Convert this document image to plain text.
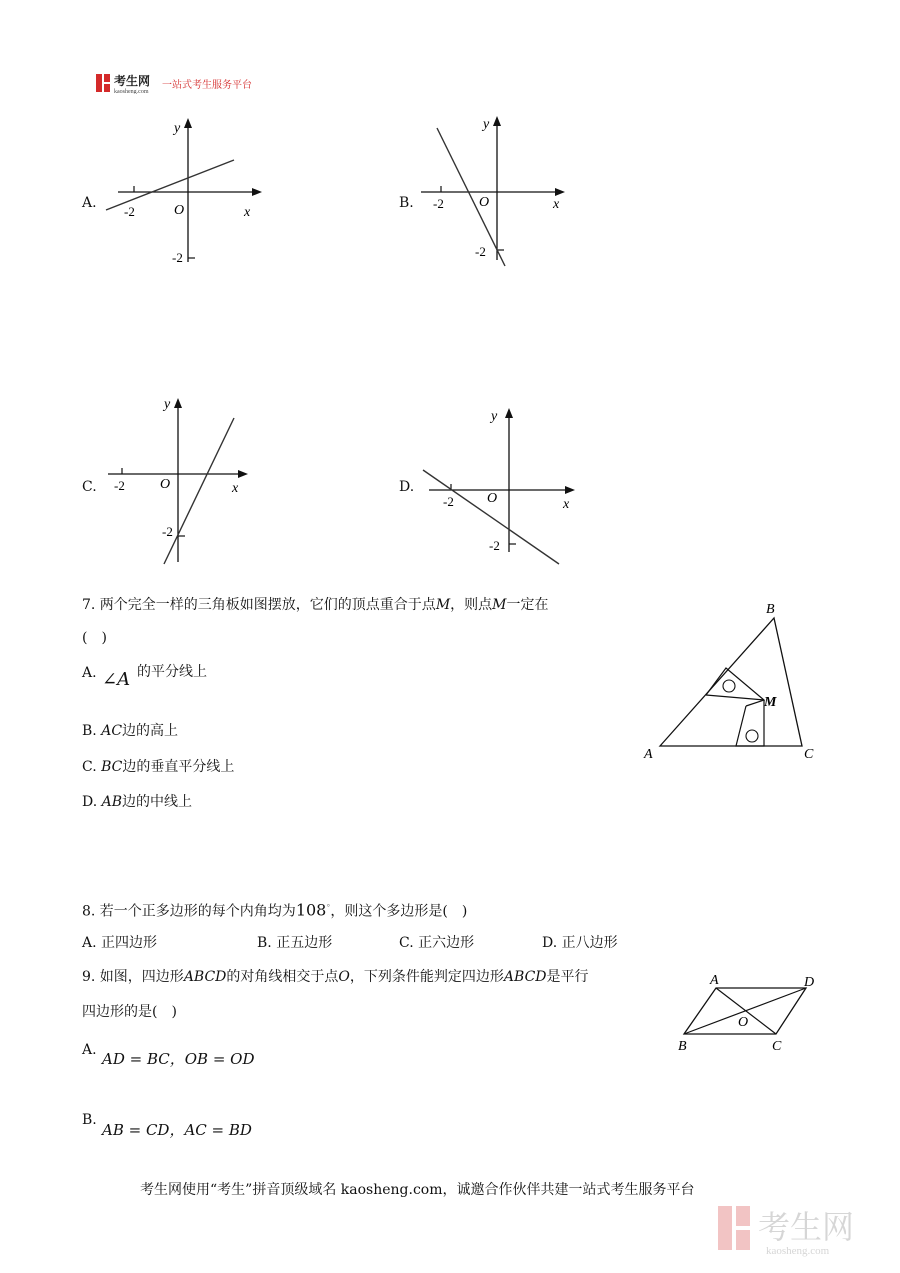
考生网
kaosheng.com
一站式考生服务平台
A.
y
x
O
-2
-2
B.
y
x
O
-2
-2
C.
y
x
O
-2
-2
D.
y
x
O
-2
-2
7. 两个完全一样的三角板如图摆放，它们的顶点重合于点M，则点M一定在
(　)
A. ∠A 的平分线上
B. AC边的高上
C. BC边的垂直平分线上
D. AB边的中线上
A
B
C
M
8. 若一个正多边形的每个内角均为108°，则这个多边形是(　)
A. 正四边形	B. 正五边形	C. 正六边形	D. 正八边形
9. 如图，四边形ABCD的对角线相交于点O，下列条件能判定四边形ABCD是平行
四边形的是(　)
A. AD = BC，OB = OD
B.
AB = CD，AC = BD
A	D
B	C
O
考生网使用“考生”拼音顶级域名 kaosheng.com，诚邀合作伙伴共建一站式考生服务平台
考生网
kaosheng.com
